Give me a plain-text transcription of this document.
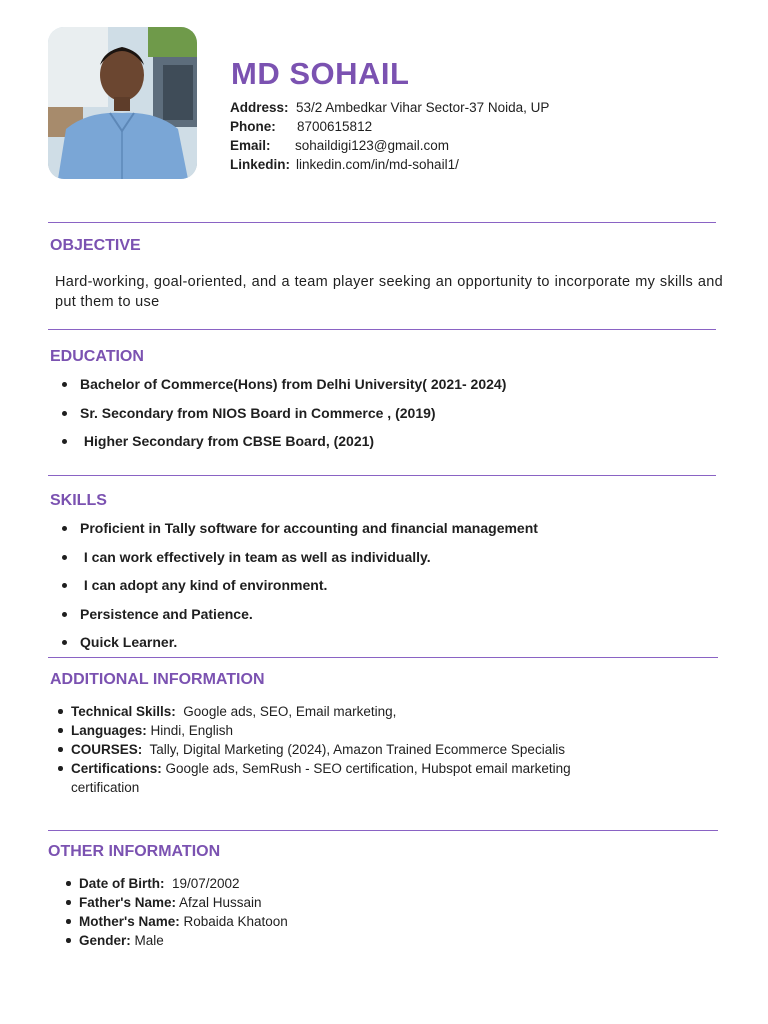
MD SOHAIL
Address: 53/2 Ambedkar Vihar Sector-37 Noida, UP
Phone:	8700615812
Email:	sohaildigi123@gmail.com
Linkedin: linkedin.com/in/md-sohail1/
OBJECTIVE

Hard-working, goal-oriented, and a team player seeking an opportunity to incorporate my skills and put them to use

EDUCATION
Bachelor of Commerce(Hons) from Delhi University( 2021- 2024)
Sr. Secondary from NIOS Board in Commerce , (2019)
Higher Secondary from CBSE Board, (2021)
SKILLS
Proficient in Tally software for accounting and financial management
I can work effectively in team as well as individually.
I can adopt any kind of environment.
Persistence and Patience.
Quick Learner.
ADDITIONAL INFORMATION
Technical Skills:  Google ads, SEO, Email marketing,
Languages: Hindi, English
COURSES:  Tally, Digital Marketing (2024), Amazon Trained Ecommerce Specialis
Certifications: Google ads, SemRush - SEO certification, Hubspot email marketing certification
OTHER INFORMATION
Date of Birth:  19/07/2002
Father's Name: Afzal Hussain
Mother's Name: Robaida Khatoon
Gender: Male
